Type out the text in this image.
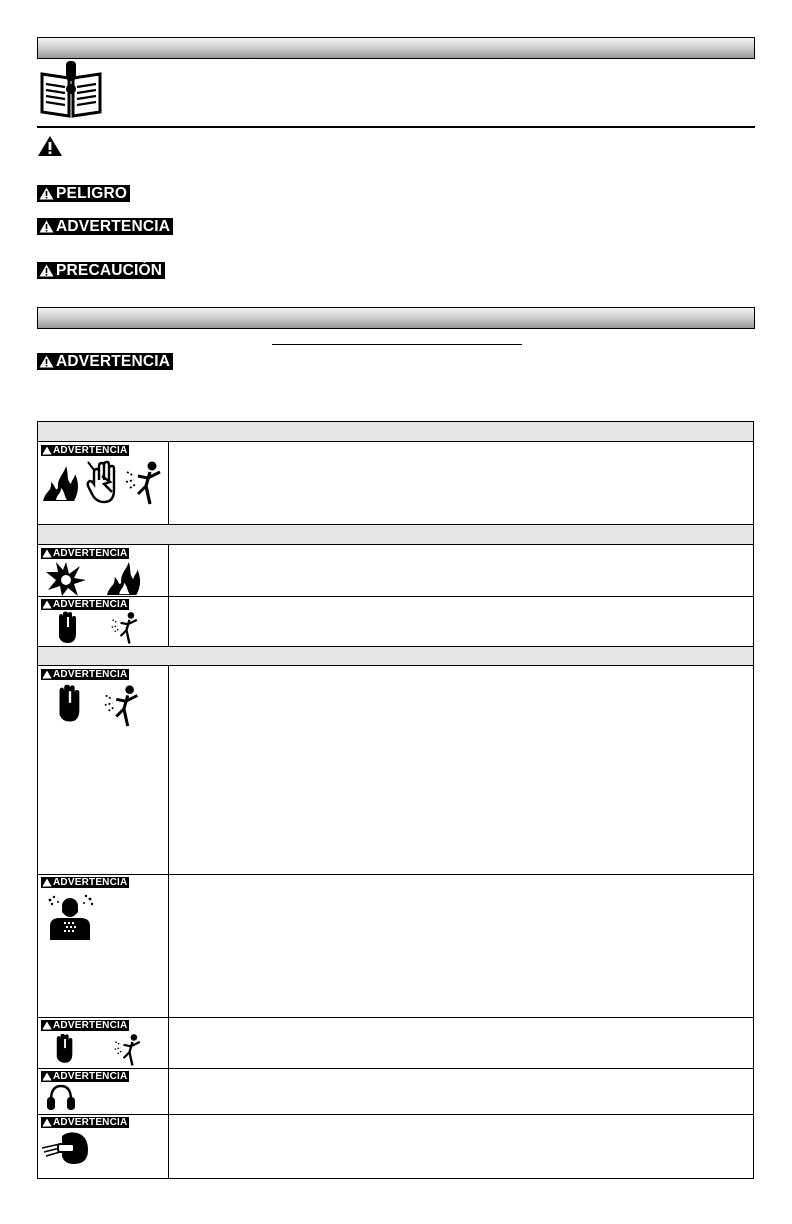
PELIGRO
ADVERTENCIA
PRECAUCIÓN
ADVERTENCIA
ADVERTENCIA
ADVERTENCIA
ADVERTENCIA
ADVERTENCIA
ADVERTENCIA
ADVERTENCIA
ADVERTENCIA
ADVERTENCIA
